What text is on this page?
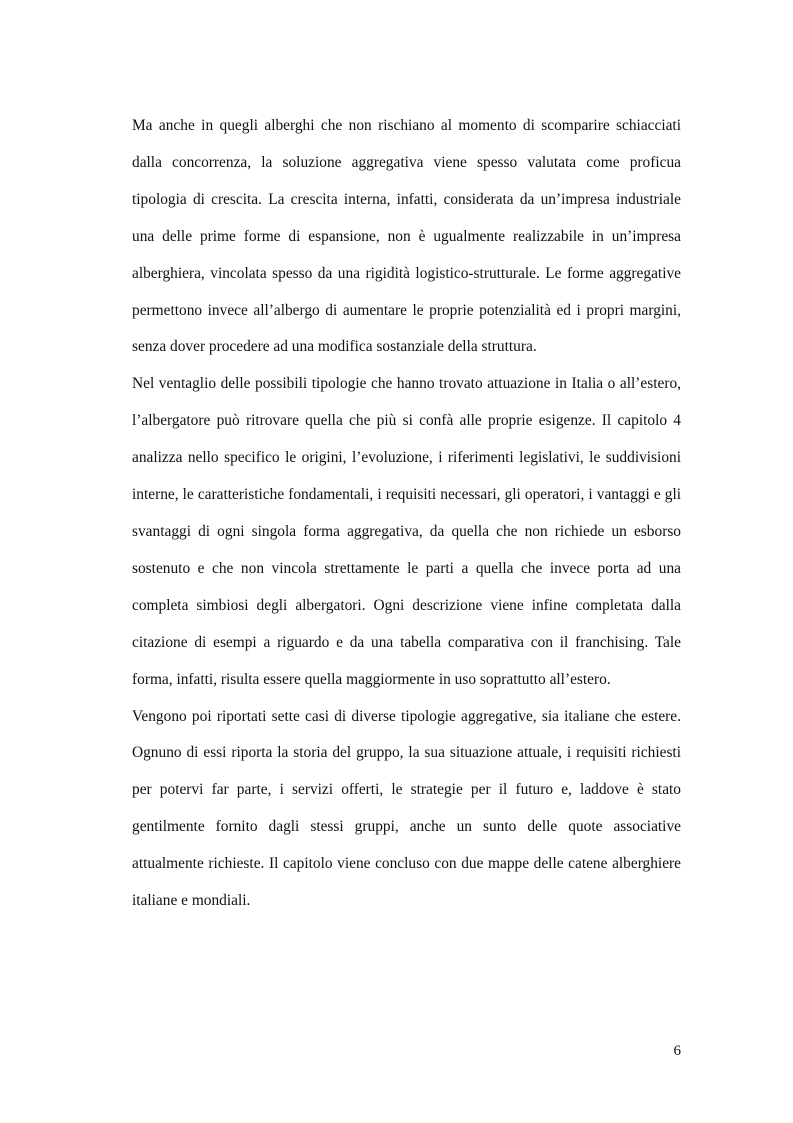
Ma anche in quegli alberghi che non rischiano al momento di scomparire schiacciati dalla concorrenza, la soluzione aggregativa viene spesso valutata come proficua tipologia di crescita. La crescita interna, infatti, considerata da un’impresa industriale una delle prime forme di espansione, non è ugualmente realizzabile in un’impresa alberghiera, vincolata spesso da una rigidità logistico-strutturale. Le forme aggregative permettono invece all’albergo di aumentare le proprie potenzialità ed i propri margini, senza dover procedere ad una modifica sostanziale della struttura.

Nel ventaglio delle possibili tipologie che hanno trovato attuazione in Italia o all’estero, l’albergatore può ritrovare quella che più si confà alle proprie esigenze. Il capitolo 4 analizza nello specifico le origini, l’evoluzione, i riferimenti legislativi, le suddivisioni interne, le caratteristiche fondamentali, i requisiti necessari, gli operatori, i vantaggi e gli svantaggi di ogni singola forma aggregativa, da quella che non richiede un esborso sostenuto e che non vincola strettamente le parti a quella che invece porta ad una completa simbiosi degli albergatori. Ogni descrizione viene infine completata dalla citazione di esempi a riguardo e da una tabella comparativa con il franchising. Tale forma, infatti, risulta essere quella maggiormente in uso soprattutto all’estero.

Vengono poi riportati sette casi di diverse tipologie aggregative, sia italiane che estere. Ognuno di essi riporta la storia del gruppo, la sua situazione attuale, i requisiti richiesti per potervi far parte, i servizi offerti, le strategie per il futuro e, laddove è stato gentilmente fornito dagli stessi gruppi, anche un sunto delle quote associative attualmente richieste. Il capitolo viene concluso con due mappe delle catene alberghiere italiane e mondiali.

6
